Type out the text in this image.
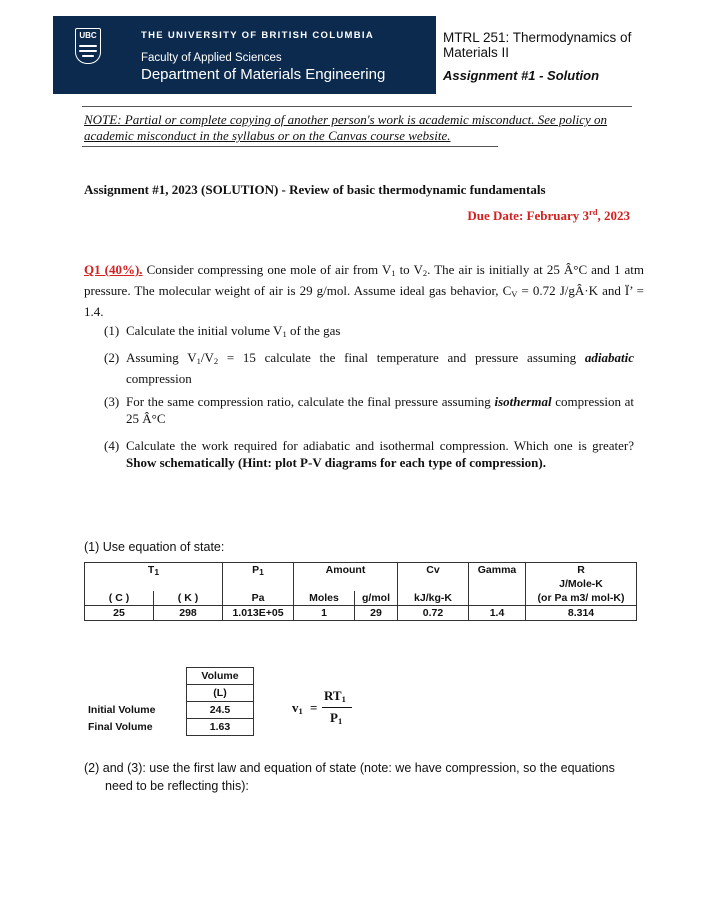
UBC	THE UNIVERSITY OF BRITISH COLUMBIA
Faculty of Applied Sciences
Department of Materials Engineering
MTRL 251: Thermodynamics of
Materials II
Assignment #1 - Solution
NOTE: Partial or complete copying of another person's work is academic misconduct. See policy on academic misconduct in the syllabus or on the Canvas course website.
Assignment #1, 2023 (SOLUTION) - Review of basic thermodynamic fundamentals
Due Date: February 3rd, 2023
Q1 (40%). Consider compressing one mole of air from $V_1$ to $V_2$. The air is initially at 25 Â°C and 1 atm pressure. The molecular weight of air is 29 g/mol. Assume ideal gas behavior, $C_V = 0.72$ J/gÂ·K and Ï’ = 1.4.
(1) Calculate the initial volume $V_1$ of the gas
(2) Assuming $V_1/V_2 = 15$ calculate the final temperature and pressure assuming adiabatic compression
(3) For the same compression ratio, calculate the final pressure assuming isothermal compression at 25 Â°C
(4) Calculate the work required for adiabatic and isothermal compression. Which one is greater? Show schematically (Hint: plot P-V diagrams for each type of compression).
(1) Use equation of state:
$T_1$		$P_1$	Amount		Cv	Gamma	R
							J/Mole-K
( C )	( K )	Pa	Moles	g/mol	kJ/kg-K		(or Pa m3/ mol-K)
25	298	1.013E+05	1	29	0.72	1.4	8.314
	Volume
	(L)
Initial Volume	24.5
Final Volume	1.63
$v_1$ =
$RT_1$
$P_1$
(2) and (3): use the first law and equation of state (note: we have compression, so the equations
need to be reflecting this):
